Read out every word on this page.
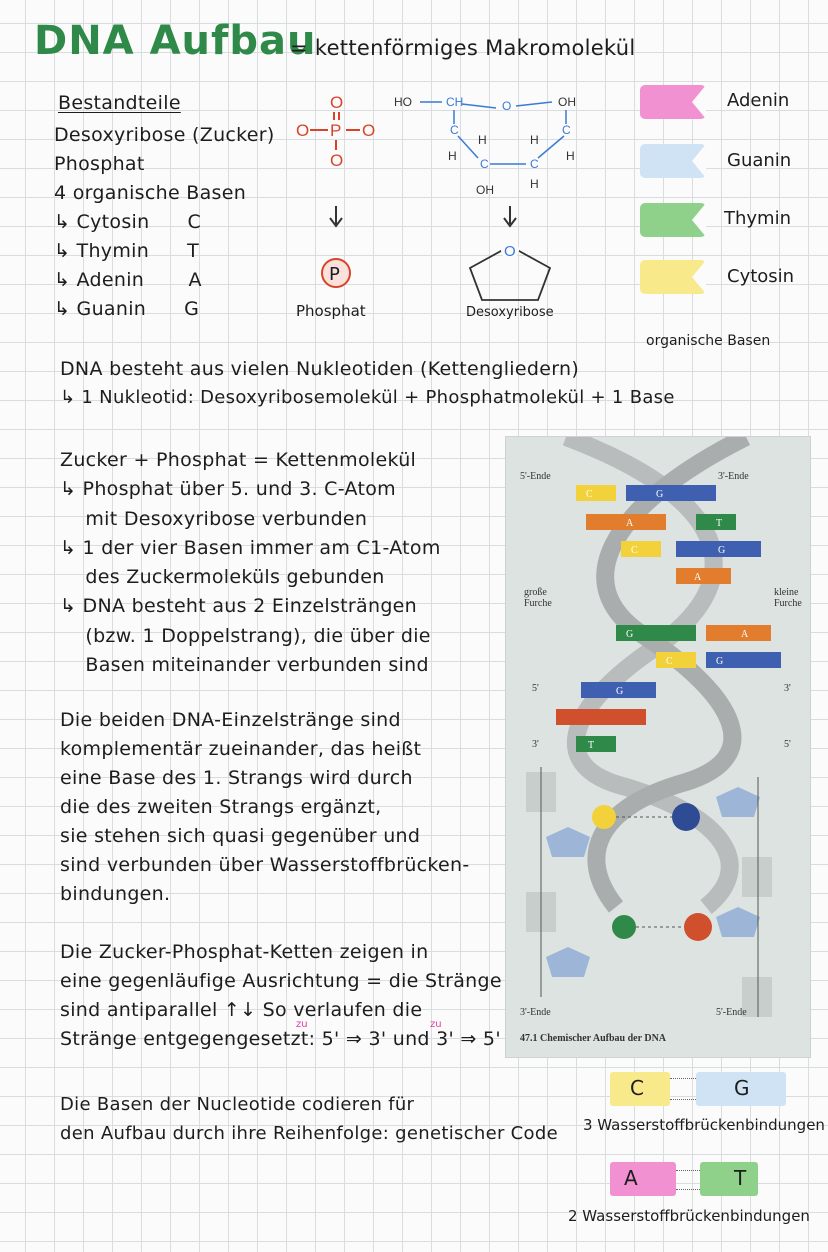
DNA Aufbau
= kettenförmiges Makromolekül
Bestandteile
Desoxyribose (Zucker)
Phosphat
4 organische Basen
↳ Cytosin      C
↳ Thymin      T
↳ Adenin       A
↳ Guanin      G
O
O P O
O
P
Phosphat
HO	CH	O	OH
C
H
H
C
H
C
C
H
OH	H
O
Desoxyribose
Adenin
Guanin
Thymin
Cytosin
organische Basen
DNA besteht aus vielen Nukleotiden (Kettengliedern)
↳ 1 Nukleotid: Desoxyribosemolekül + Phosphatmolekül + 1 Base
Zucker + Phosphat = Kettenmolekül
↳ Phosphat über 5. und 3. C-Atom
mit Desoxyribose verbunden
↳ 1 der vier Basen immer am C1-Atom
des Zuckermoleküls gebunden
↳ DNA besteht aus 2 Einzelsträngen
(bzw. 1 Doppelstrang), die über die
Basen miteinander verbunden sind
Die beiden DNA-Einzelstränge sind
komplementär zueinander, das heißt
eine Base des 1. Strangs wird durch
die des zweiten Strangs ergänzt,
sie stehen sich quasi gegenüber und
sind verbunden über Wasserstoffbrücken-
bindungen.
Die Zucker-Phosphat-Ketten zeigen in
eine gegenläufige Ausrichtung = die Stränge
sind antiparallel ↑↓ So verlaufen die
Stränge entgegengesetzt: 5' ⇒ 3' und 3' ⇒ 5'
zu	zu
Die Basen der Nucleotide codieren für
den Aufbau durch ihre Reihenfolge: genetischer Code
C	G
3 Wasserstoffbrückenbindungen
A	T
2 Wasserstoffbrückenbindungen
C	G
A	T
C	G
A
G	A
C	G
G
T
5'-Ende	3'-Ende
große
Furche
kleine
Furche
5'
3'
3'
5'
3'-Ende	5'-Ende
47.1 Chemischer Aufbau der DNA
